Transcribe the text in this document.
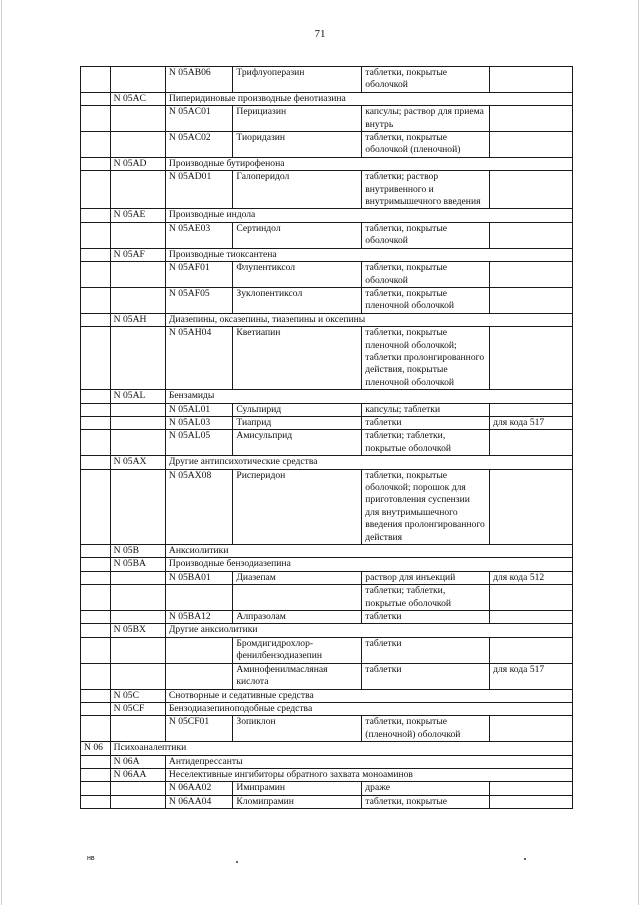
71
		N 05AB06	Трифлуоперазин	таблетки, покрытые оболочкой	
	N 05AC	Пиперидиновые производные фенотиазина			
		N 05AC01	Перициазин	капсулы; раствор для приема внутрь	
		N 05AC02	Тиоридазин	таблетки, покрытые оболочкой (пленочной)	
	N 05AD	Производные бутирофенона			
		N 05AD01	Галоперидол	таблетки; раствор внутривенного и внутримышечного введения	
	N 05AE	Производные индола			
		N 05AE03	Сертиндол	таблетки, покрытые оболочкой	
	N 05AF	Производные тиоксантена			
		N 05AF01	Флупентиксол	таблетки, покрытые оболочкой	
		N 05AF05	Зуклопентиксол	таблетки, покрытые пленочной оболочкой	
	N 05AH	Диазепины, оксазепины, тиазепины и оксепины			
		N 05AH04	Кветиапин	таблетки, покрытые пленочной оболочкой; таблетки пролонгированного действия, покрытые пленочной оболочкой	
	N 05AL	Бензамиды			
		N 05AL01	Сульпирид	капсулы; таблетки	
		N 05AL03	Тиаприд	таблетки	для кода 517
		N 05AL05	Амисульприд	таблетки; таблетки, покрытые оболочкой	
	N 05AX	Другие антипсихотические средства			
		N 05AX08	Рисперидон	таблетки, покрытые оболочкой; порошок для приготовления суспензии для внутримышечного введения пролонгированного действия	
	N 05B	Анксиолитики			
	N 05BA	Производные бензодиазепина			
		N 05BA01	Диазепам	раствор для инъекций	для кода 512
				таблетки; таблетки, покрытые оболочкой	
		N 05BA12	Алпразолам	таблетки	
	N 05BX	Другие анксиолитики			
			Бромдигидрохлор-фенилбензодиазепин	таблетки	
			Аминофенилмасляная кислота	таблетки	для кода 517
	N 05C	Снотворные и седативные средства			
	N 05CF	Бензодиазепиноподобные средства			
		N 05CF01	Зопиклон	таблетки, покрытые (пленочной) оболочкой	
N 06	Психоаналептики				
	N 06A	Антидепрессанты			
	N 06AA	Неселективные ингибиторы обратного захвата моноаминов			
		N 06AA02	Имипрамин	драже	
		N 06AA04	Кломипрамин	таблетки, покрытые	
нв
